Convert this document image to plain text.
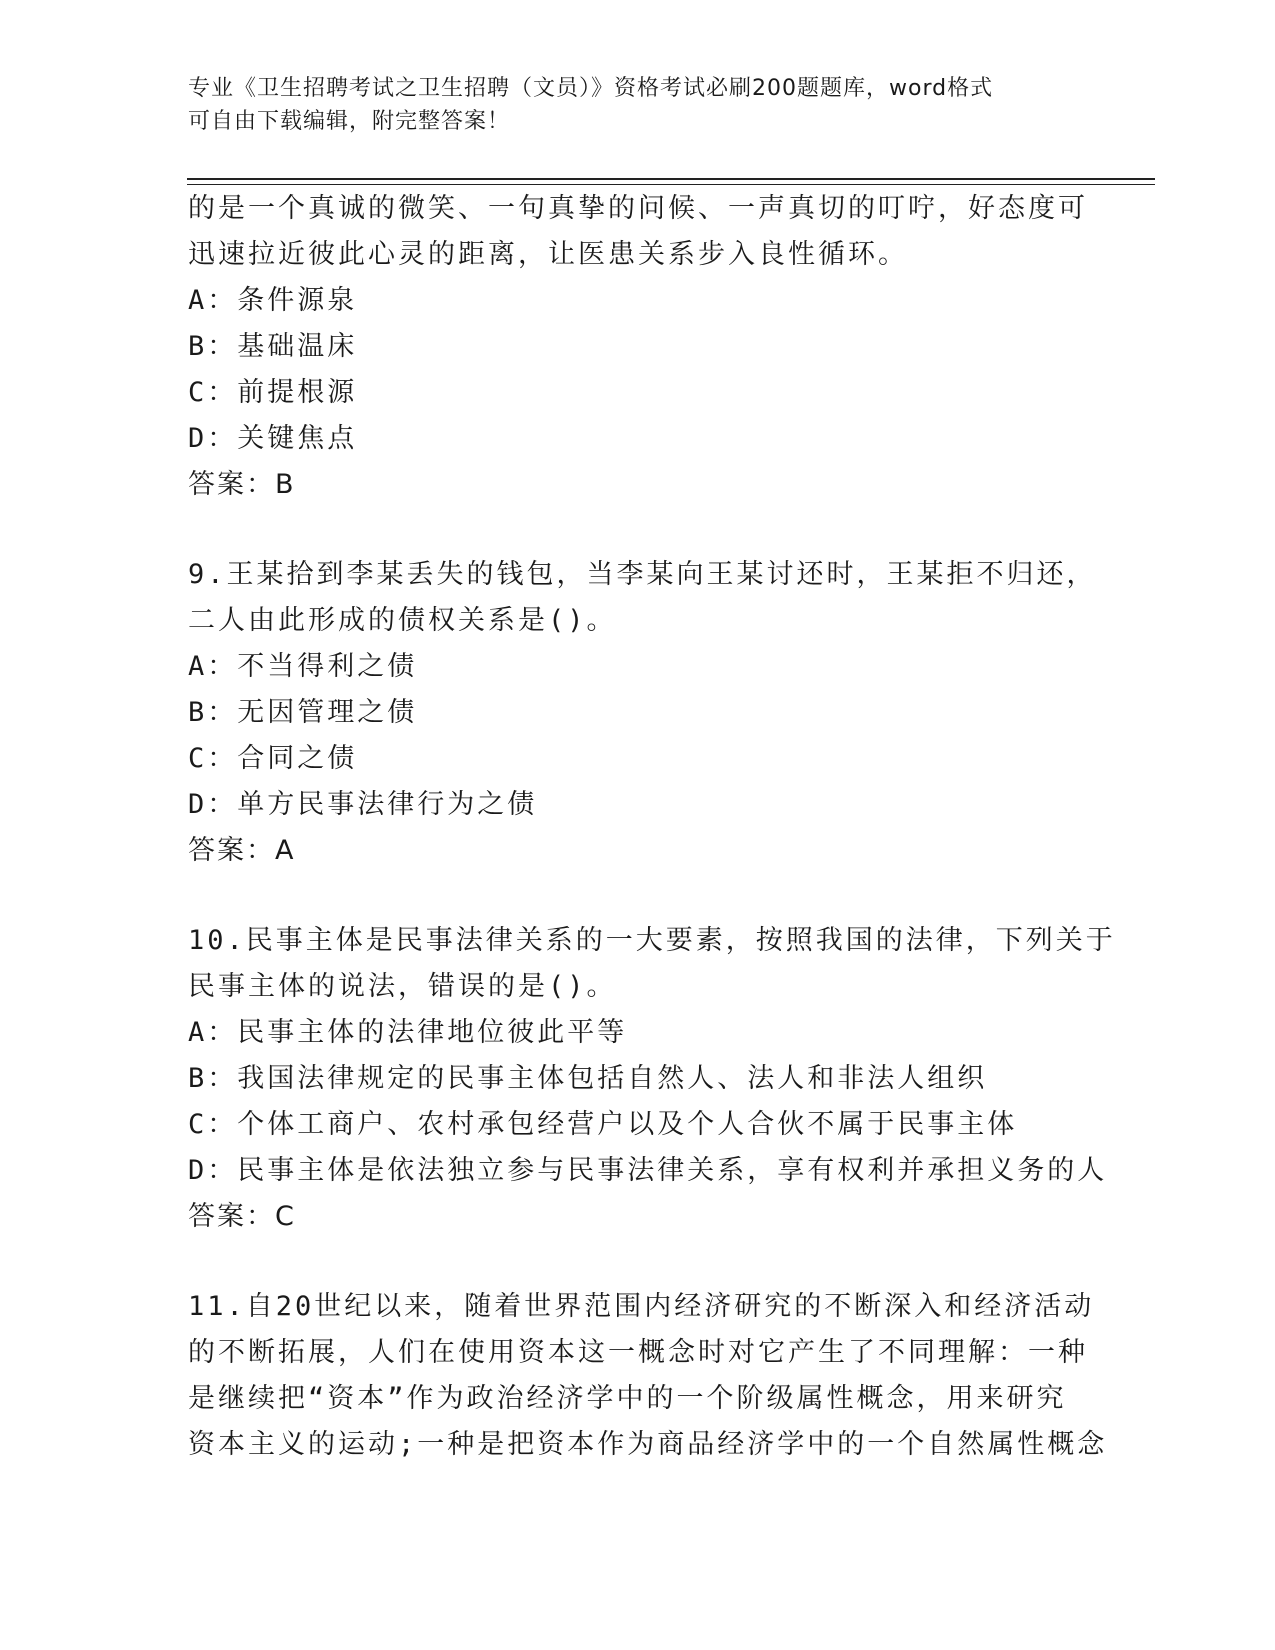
专业《卫生招聘考试之卫生招聘（文员）》资格考试必刷200题题库，word格式
可自由下载编辑，附完整答案！
的是一个真诚的微笑、一句真挚的问候、一声真切的叮咛，好态度可
迅速拉近彼此心灵的距离，让医患关系步入良性循环。
A：条件源泉
B：基础温床
C：前提根源
D：关键焦点
答案：B
9.王某拾到李某丢失的钱包，当李某向王某讨还时，王某拒不归还，
二人由此形成的债权关系是()。
A：不当得利之债
B：无因管理之债
C：合同之债
D：单方民事法律行为之债
答案：A
10.民事主体是民事法律关系的一大要素，按照我国的法律，下列关于
民事主体的说法，错误的是()。
A：民事主体的法律地位彼此平等
B：我国法律规定的民事主体包括自然人、法人和非法人组织
C：个体工商户、农村承包经营户以及个人合伙不属于民事主体
D：民事主体是依法独立参与民事法律关系，享有权利并承担义务的人
答案：C
11.自20世纪以来，随着世界范围内经济研究的不断深入和经济活动
的不断拓展，人们在使用资本这一概念时对它产生了不同理解：一种
是继续把“资本”作为政治经济学中的一个阶级属性概念，用来研究
资本主义的运动;一种是把资本作为商品经济学中的一个自然属性概念
